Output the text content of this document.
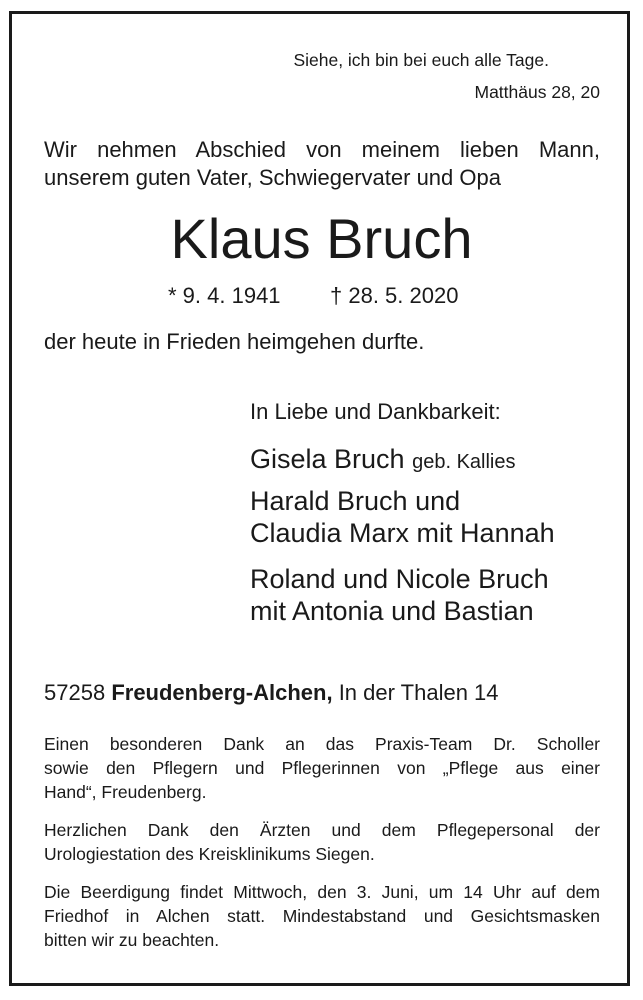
Siehe, ich bin bei euch alle Tage.
Matthäus 28, 20
Wir nehmen Abschied von meinem lieben Mann,
unserem guten Vater, Schwiegervater und Opa
Klaus Bruch
* 9. 4. 1941 † 28. 5. 2020
der heute in Frieden heimgehen durfte.
In Liebe und Dankbarkeit:
Gisela Bruch geb. Kallies
Harald Bruch und
Claudia Marx mit Hannah
Roland und Nicole Bruch
mit Antonia und Bastian
57258 Freudenberg-Alchen, In der Thalen 14
Einen besonderen Dank an das Praxis-Team Dr. Scholler
sowie den Pflegern und Pflegerinnen von „Pflege aus einer
Hand“, Freudenberg.
Herzlichen Dank den Ärzten und dem Pflegepersonal der
Urologiestation des Kreisklinikums Siegen.
Die Beerdigung findet Mittwoch, den 3. Juni, um 14 Uhr auf dem
Friedhof in Alchen statt. Mindestabstand und Gesichtsmasken
bitten wir zu beachten.
